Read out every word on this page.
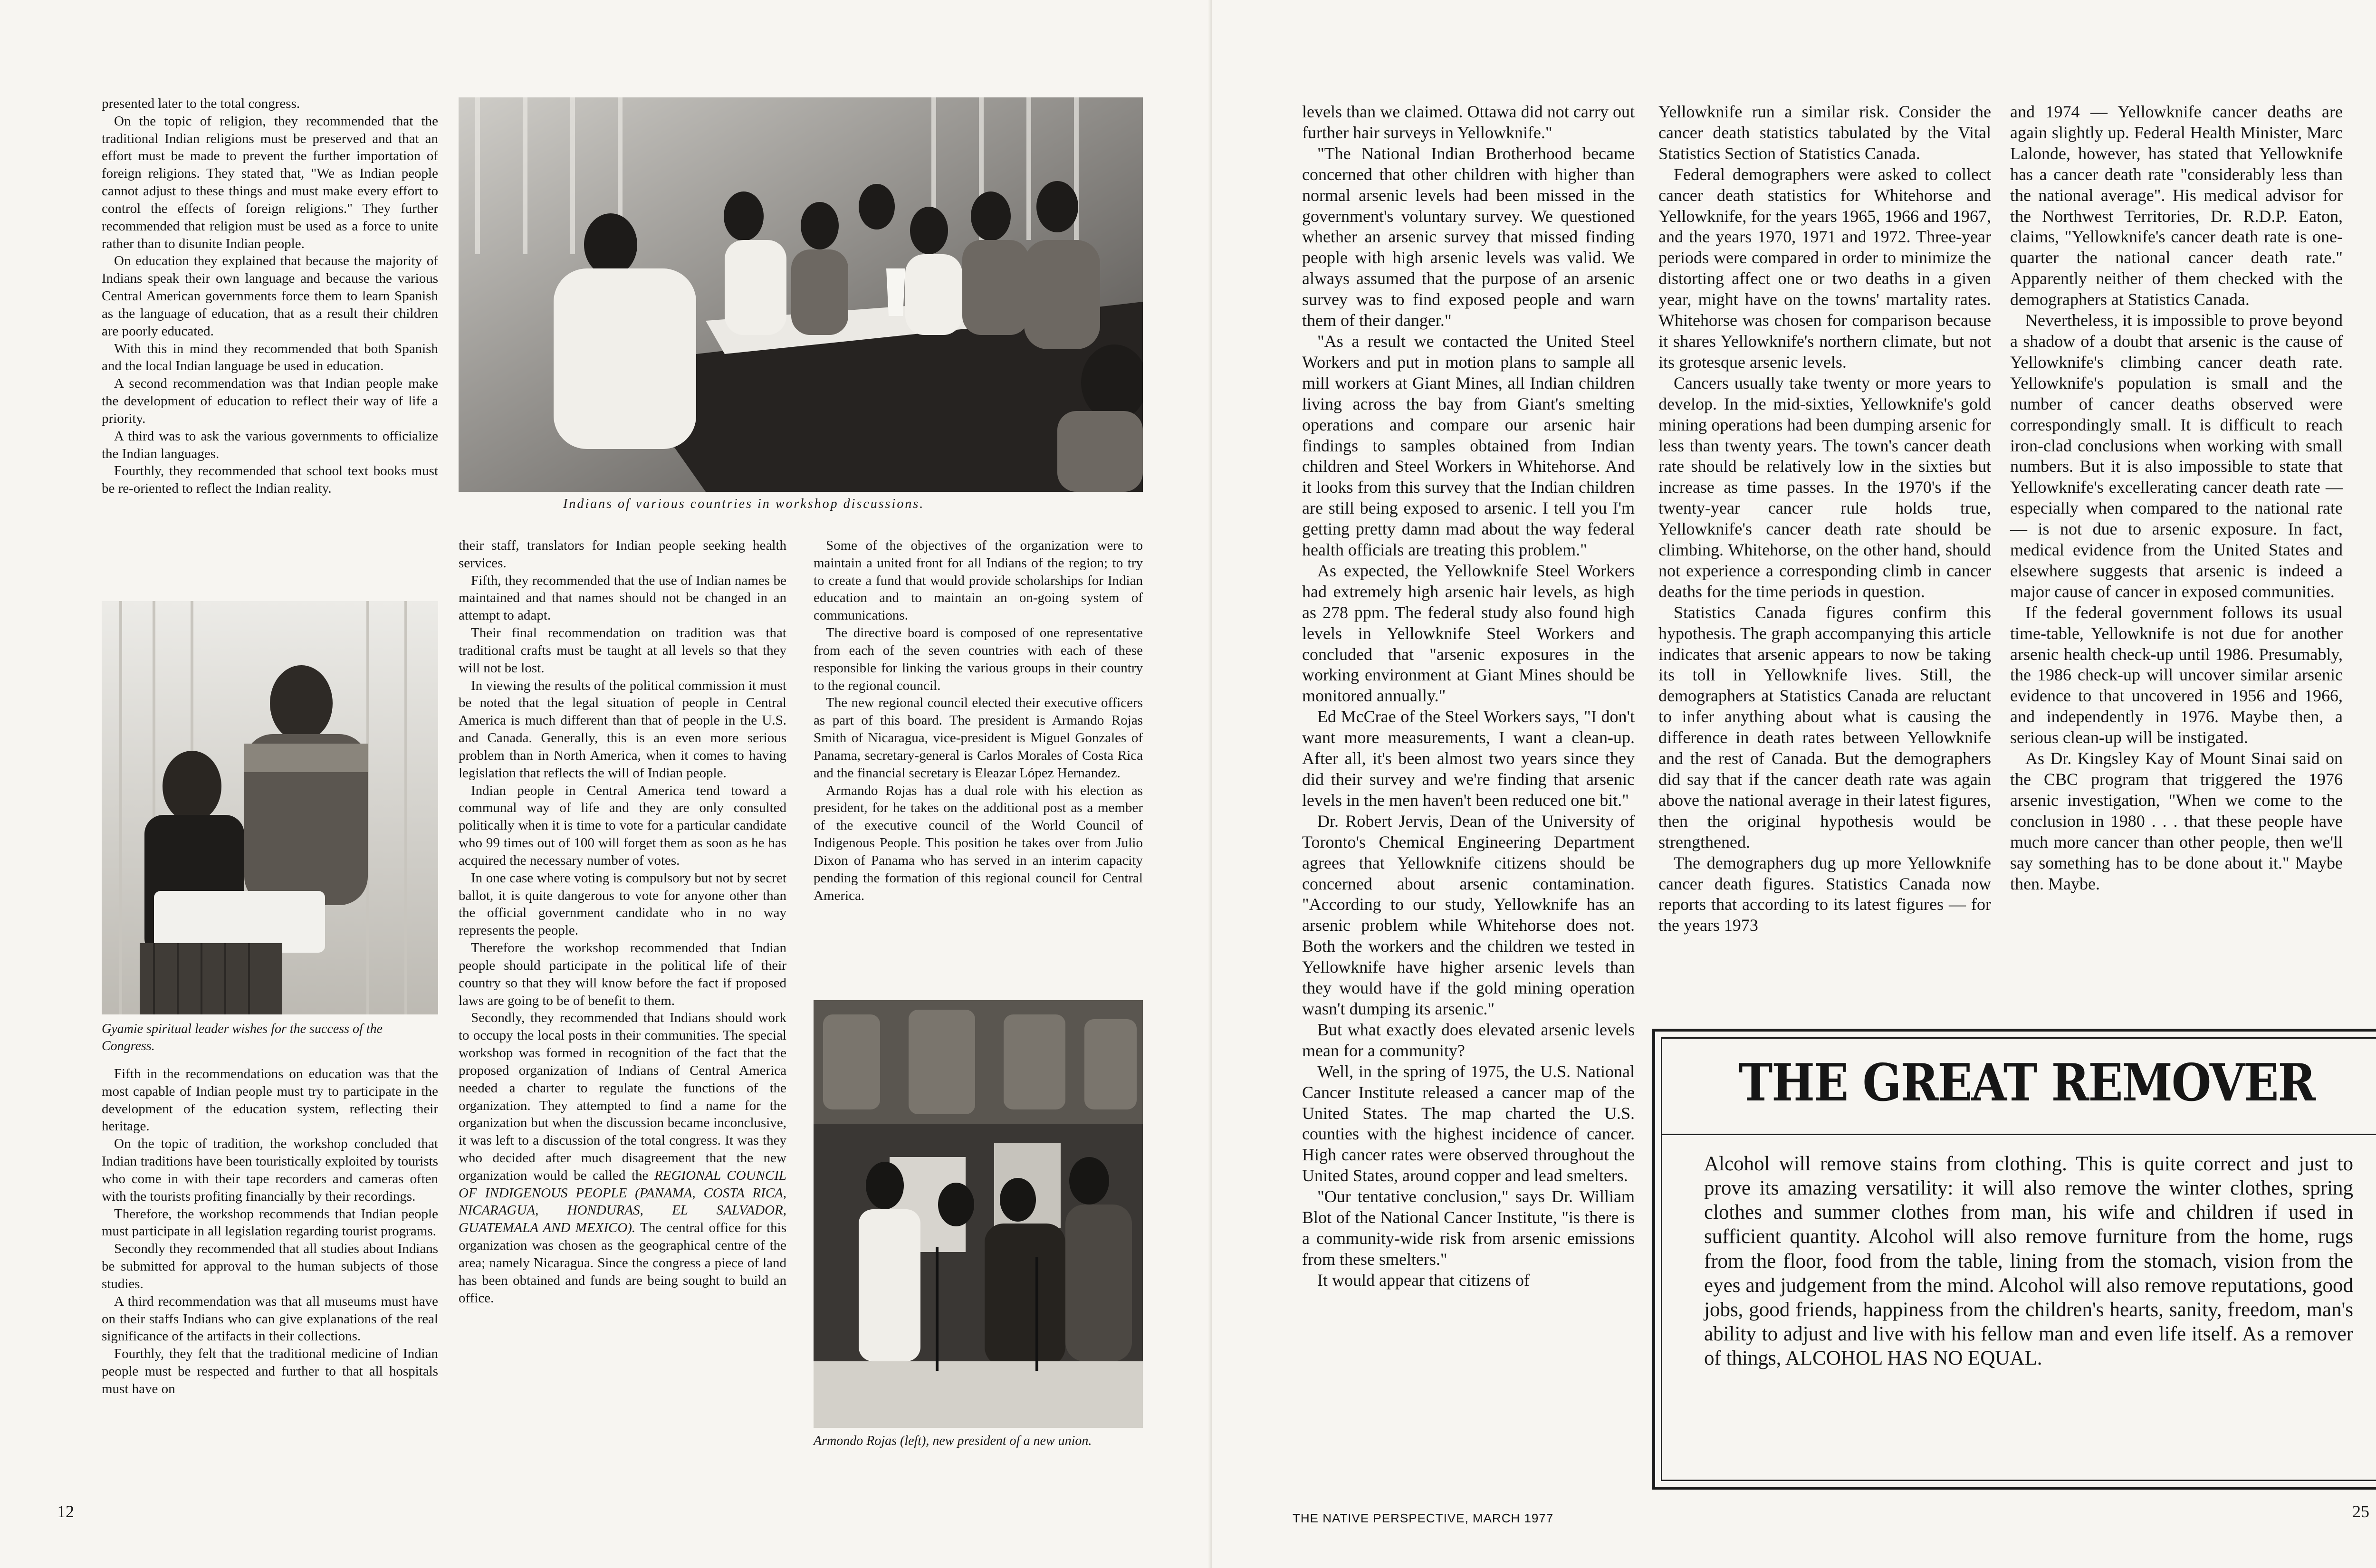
presented later to the total congress.

On the topic of religion, they recommended that the traditional Indian religions must be preserved and that an effort must be made to prevent the further importation of foreign religions. They stated that, "We as Indian people cannot adjust to these things and must make every effort to control the effects of foreign religions." They further recommended that religion must be used as a force to unite rather than to disunite Indian people.

On education they explained that because the majority of Indians speak their own language and because the various Central American governments force them to learn Spanish as the language of education, that as a result their children are poorly educated.

With this in mind they recommended that both Spanish and the local Indian language be used in education.

A second recommendation was that Indian people make the development of education to reflect their way of life a priority.

A third was to ask the various governments to officialize the Indian languages.

Fourthly, they recommended that school text books must be re-oriented to reflect the Indian reality.

Gyamie spiritual leader wishes for the success of the Congress.

Fifth in the recommendations on education was that the most capable of Indian people must try to participate in the development of the education system, reflecting their heritage.

On the topic of tradition, the workshop concluded that Indian traditions have been touristically exploited by tourists who come in with their tape recorders and cameras often with the tourists profiting financially by their recordings.

Therefore, the workshop recommends that Indian people must participate in all legislation regarding tourist programs.

Secondly they recommended that all studies about Indians be submitted for approval to the human subjects of those studies.

A third recommendation was that all museums must have on their staffs Indians who can give explanations of the real significance of the artifacts in their collections.

Fourthly, they felt that the traditional medicine of Indian people must be respected and further to that all hospitals must have on

Indians of various countries in workshop discussions.

their staff, translators for Indian people seeking health services.

Fifth, they recommended that the use of Indian names be maintained and that names should not be changed in an attempt to adapt.

Their final recommendation on tradition was that traditional crafts must be taught at all levels so that they will not be lost.

In viewing the results of the political commission it must be noted that the legal situation of people in Central America is much different than that of people in the U.S. and Canada. Generally, this is an even more serious problem than in North America, when it comes to having legislation that reflects the will of Indian people.

Indian people in Central America tend toward a communal way of life and they are only consulted politically when it is time to vote for a particular candidate who 99 times out of 100 will forget them as soon as he has acquired the necessary number of votes.

In one case where voting is compulsory but not by secret ballot, it is quite dangerous to vote for anyone other than the official government candidate who in no way represents the people.

Therefore the workshop recommended that Indian people should participate in the political life of their country so that they will know before the fact if proposed laws are going to be of benefit to them.

Secondly, they recommended that Indians should work to occupy the local posts in their communities. The special workshop was formed in recognition of the fact that the proposed organization of Indians of Central America needed a charter to regulate the functions of the organization. They attempted to find a name for the organization but when the discussion became inconclusive, it was left to a discussion of the total congress. It was they who decided after much disagreement that the new organization would be called the REGIONAL COUNCIL OF INDIGENOUS PEOPLE (PANAMA, COSTA RICA, NICARAGUA, HONDURAS, EL SALVADOR, GUATEMALA AND MEXICO). The central office for this organization was chosen as the geographical centre of the area; namely Nicaragua. Since the congress a piece of land has been obtained and funds are being sought to build an office.

Some of the objectives of the organization were to maintain a united front for all Indians of the region; to try to create a fund that would provide scholarships for Indian education and to maintain an on-going system of communications.

The directive board is composed of one representative from each of the seven countries with each of these responsible for linking the various groups in their country to the regional council.

The new regional council elected their executive officers as part of this board. The president is Armando Rojas Smith of Nicaragua, vice-president is Miguel Gonzales of Panama, secretary-general is Carlos Morales of Costa Rica and the financial secretary is Eleazar López Hernandez.

Armando Rojas has a dual role with his election as president, for he takes on the additional post as a member of the executive council of the World Council of Indigenous People. This position he takes over from Julio Dixon of Panama who has served in an interim capacity pending the formation of this regional council for Central America.

Armondo Rojas (left), new president of a new union.
12

levels than we claimed. Ottawa did not carry out further hair surveys in Yellowknife."

"The National Indian Brotherhood became concerned that other children with higher than normal arsenic levels had been missed in the government's voluntary survey. We questioned whether an arsenic survey that missed finding people with high arsenic levels was valid. We always assumed that the purpose of an arsenic survey was to find exposed people and warn them of their danger."

"As a result we contacted the United Steel Workers and put in motion plans to sample all mill workers at Giant Mines, all Indian children living across the bay from Giant's smelting operations and compare our arsenic hair findings to samples obtained from Indian children and Steel Workers in Whitehorse. And it looks from this survey that the Indian children are still being exposed to arsenic. I tell you I'm getting pretty damn mad about the way federal health officials are treating this problem."

As expected, the Yellowknife Steel Workers had extremely high arsenic hair levels, as high as 278 ppm. The federal study also found high levels in Yellowknife Steel Workers and concluded that "arsenic exposures in the working environment at Giant Mines should be monitored annually."

Ed McCrae of the Steel Workers says, "I don't want more measurements, I want a clean-up. After all, it's been almost two years since they did their survey and we're finding that arsenic levels in the men haven't been reduced one bit."

Dr. Robert Jervis, Dean of the University of Toronto's Chemical Engineering Department agrees that Yellowknife citizens should be concerned about arsenic contamination. "According to our study, Yellowknife has an arsenic problem while Whitehorse does not. Both the workers and the children we tested in Yellowknife have higher arsenic levels than they would have if the gold mining operation wasn't dumping its arsenic."

But what exactly does elevated arsenic levels mean for a community?

Well, in the spring of 1975, the U.S. National Cancer Institute released a cancer map of the United States. The map charted the U.S. counties with the highest incidence of cancer. High cancer rates were observed throughout the United States, around copper and lead smelters.

"Our tentative conclusion," says Dr. William Blot of the National Cancer Institute, "is there is a community-wide risk from arsenic emissions from these smelters."

It would appear that citizens of

Yellowknife run a similar risk. Consider the cancer death statistics tabulated by the Vital Statistics Section of Statistics Canada.

Federal demographers were asked to collect cancer death statistics for Whitehorse and Yellowknife, for the years 1965, 1966 and 1967, and the years 1970, 1971 and 1972. Three-year periods were compared in order to minimize the distorting affect one or two deaths in a given year, might have on the towns' martality rates. Whitehorse was chosen for comparison because it shares Yellowknife's northern climate, but not its grotesque arsenic levels.

Cancers usually take twenty or more years to develop. In the mid-sixties, Yellowknife's gold mining operations had been dumping arsenic for less than twenty years. The town's cancer death rate should be relatively low in the sixties but increase as time passes. In the 1970's if the twenty-year cancer rule holds true, Yellowknife's cancer death rate should be climbing. Whitehorse, on the other hand, should not experience a corresponding climb in cancer deaths for the time periods in question.

Statistics Canada figures confirm this hypothesis. The graph accompanying this article indicates that arsenic appears to now be taking its toll in Yellowknife lives. Still, the demographers at Statistics Canada are reluctant to infer anything about what is causing the difference in death rates between Yellowknife and the rest of Canada. But the demographers did say that if the cancer death rate was again above the national average in their latest figures, then the original hypothesis would be strengthened.

The demographers dug up more Yellowknife cancer death figures. Statistics Canada now reports that according to its latest figures — for the years 1973

and 1974 — Yellowknife cancer deaths are again slightly up. Federal Health Minister, Marc Lalonde, however, has stated that Yellowknife has a cancer death rate "considerably less than the national average". His medical advisor for the Northwest Territories, Dr. R.D.P. Eaton, claims, "Yellowknife's cancer death rate is one-quarter the national cancer death rate." Apparently neither of them checked with the demographers at Statistics Canada.

Nevertheless, it is impossible to prove beyond a shadow of a doubt that arsenic is the cause of Yellowknife's climbing cancer death rate. Yellowknife's population is small and the number of cancer deaths observed were correspondingly small. It is difficult to reach iron-clad conclusions when working with small numbers. But it is also impossible to state that Yellowknife's excellerating cancer death rate — especially when compared to the national rate — is not due to arsenic exposure. In fact, medical evidence from the United States and elsewhere suggests that arsenic is indeed a major cause of cancer in exposed communities.

If the federal government follows its usual time-table, Yellowknife is not due for another arsenic health check-up until 1986. Presumably, the 1986 check-up will uncover similar arsenic evidence to that uncovered in 1956 and 1966, and independently in 1976. Maybe then, a serious clean-up will be instigated.

As Dr. Kingsley Kay of Mount Sinai said on the CBC program that triggered the 1976 arsenic investigation, "When we come to the conclusion in 1980 . . . that these people have much more cancer than other people, then we'll say something has to be done about it." Maybe then. Maybe.

THE NATIVE PERSPECTIVE, MARCH 1977	25
THE GREAT REMOVER

Alcohol will remove stains from clothing. This is quite correct and just to prove its amazing versatility: it will also remove the winter clothes, spring clothes and summer clothes from man, his wife and children if used in sufficient quantity. Alcohol will also remove furniture from the home, rugs from the floor, food from the table, lining from the stomach, vision from the eyes and judgement from the mind. Alcohol will also remove reputations, good jobs, good friends, happiness from the children's hearts, sanity, freedom, man's ability to adjust and live with his fellow man and even life itself. As a remover of things, ALCOHOL HAS NO EQUAL.
